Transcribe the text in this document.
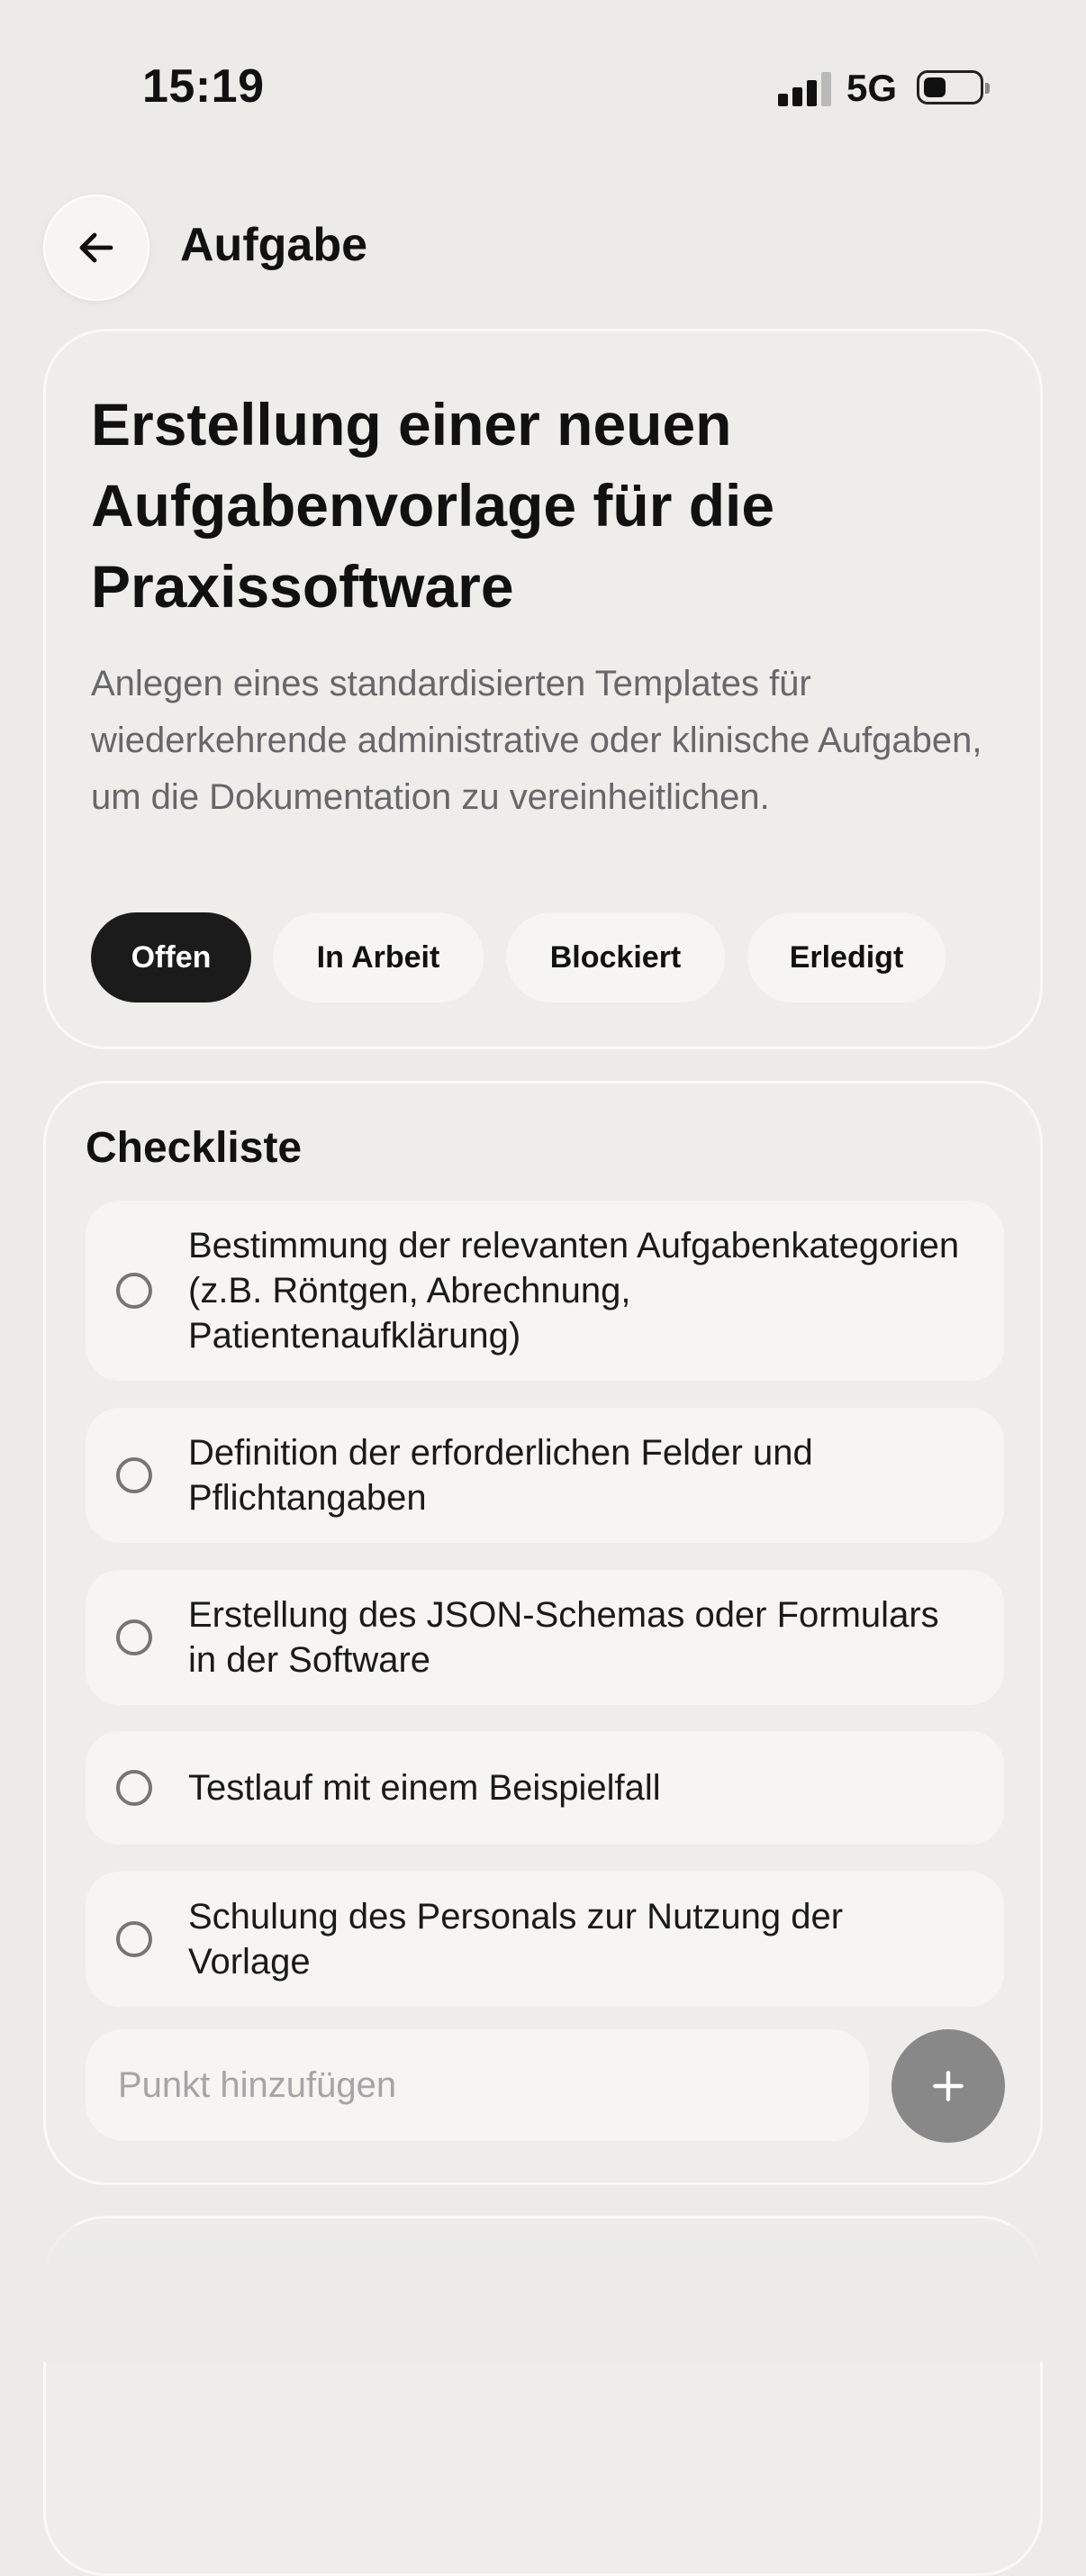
15:19	5G
Aufgabe
Erstellung einer neuen Aufgabenvorlage für die Praxissoftware

Anlegen eines standardisierten Templates für wiederkehrende administrative oder klinische Aufgaben, um die Dokumentation zu vereinheitlichen.

Offen	In Arbeit	Blockiert	Erledigt
Checkliste
Bestimmung der relevanten Aufgabenkategorien (z.B. Röntgen, Abrechnung, Patientenaufklärung)
Definition der erforderlichen Felder und Pflichtangaben
Erstellung des JSON-Schemas oder Formulars in der Software
Testlauf mit einem Beispielfall
Schulung des Personals zur Nutzung der Vorlage
Punkt hinzufügen
